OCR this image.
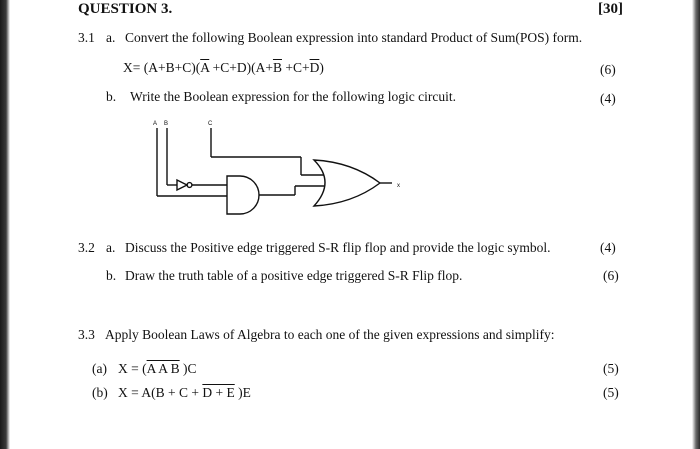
QUESTION 3.	[30]
3.1 a. Convert the following Boolean expression into standard Product of Sum(POS) form.
$X= (A+B+C)(\overline{A} +C+D)(A+\overline{B} +C+\overline{D})$	(6)
b. Write the Boolean expression for the following logic circuit.	(4)
A B	C
x
3.2 a. Discuss the Positive edge triggered S-R flip flop and provide the logic symbol.	(4)
b. Draw the truth table of a positive edge triggered S-R Flip flop.	(6)
3.3 Apply Boolean Laws of Algebra to each one of the given expressions and simplify:
(a) X = (A A B )C	(5)
(b) X = A(B + C + D + E )E	(5)
